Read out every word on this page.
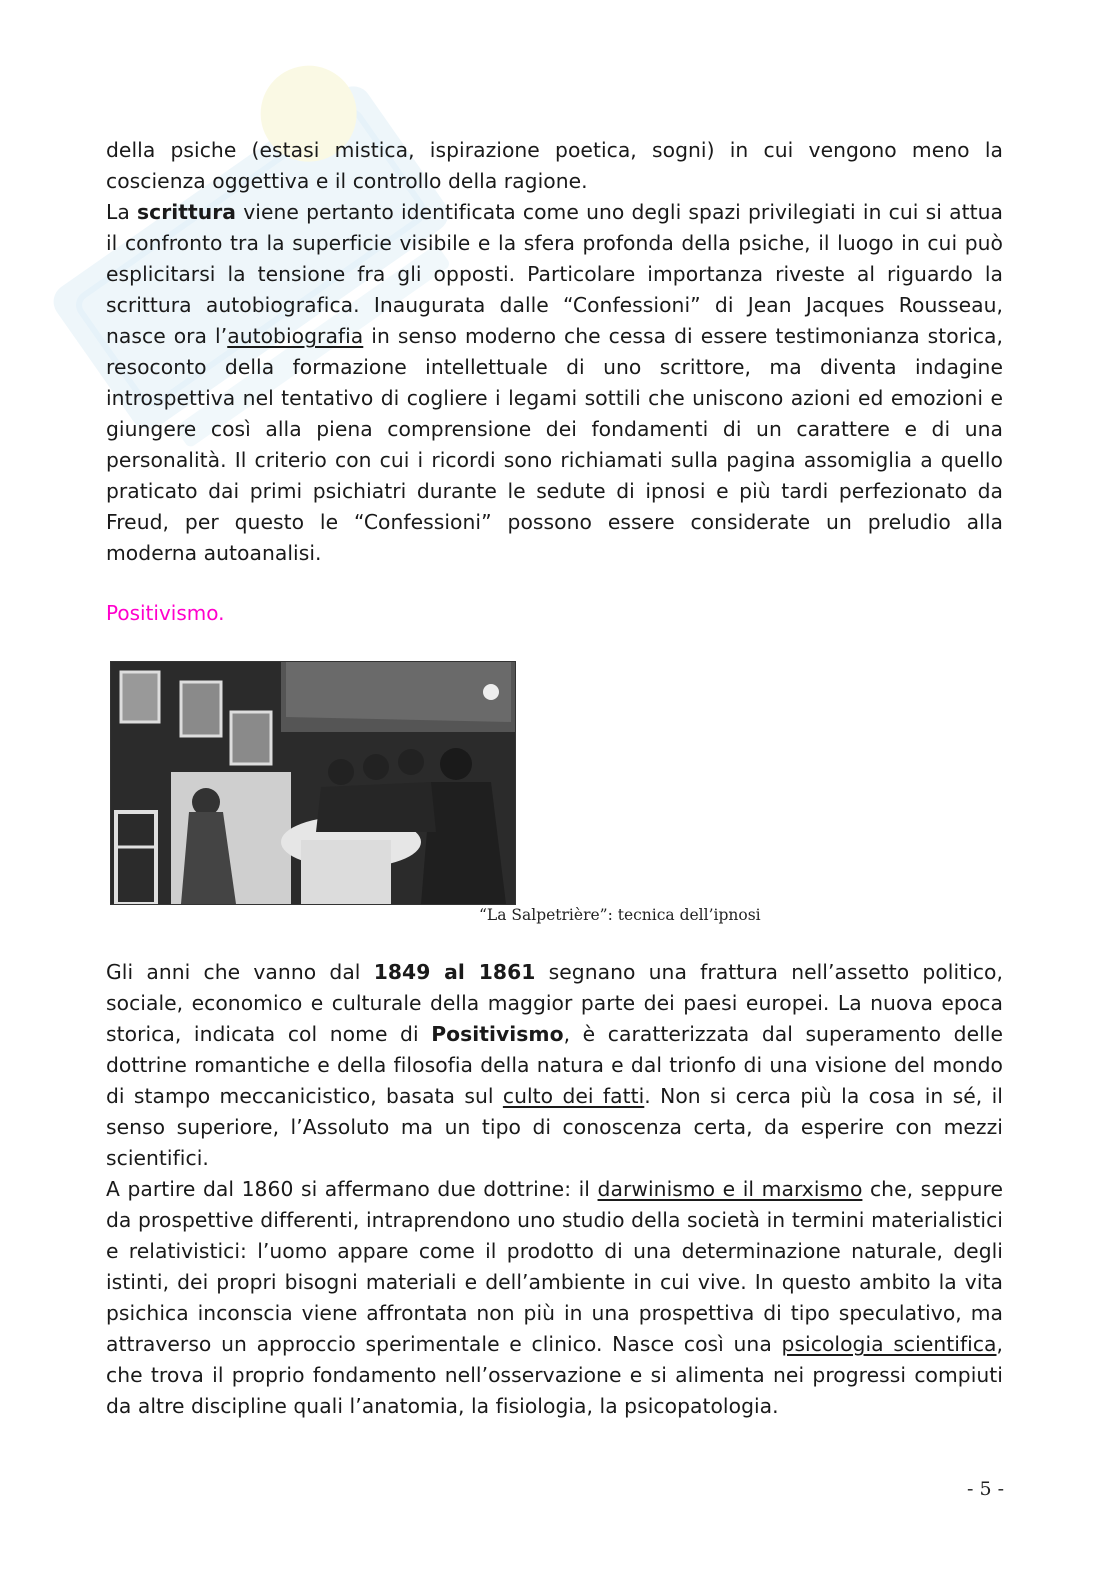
della psiche (estasi mistica, ispirazione poetica, sogni) in cui vengono meno la coscienza oggettiva e il controllo della ragione.
La scrittura viene pertanto identificata come uno degli spazi privilegiati in cui si attua il confronto tra la superficie visibile e la sfera profonda della psiche, il luogo in cui può esplicitarsi la tensione fra gli opposti. Particolare importanza riveste al riguardo la scrittura autobiografica. Inaugurata dalle “Confessioni” di Jean Jacques Rousseau, nasce ora l’autobiografia in senso moderno che cessa di essere testimonianza storica, resoconto della formazione intellettuale di uno scrittore, ma diventa indagine introspettiva nel tentativo di cogliere i legami sottili che uniscono azioni ed emozioni e giungere così alla piena comprensione dei fondamenti di un carattere e di una personalità. Il criterio con cui i ricordi sono richiamati sulla pagina assomiglia a quello praticato dai primi psichiatri durante le sedute di ipnosi e più tardi perfezionato da Freud, per questo le “Confessioni” possono essere considerate un preludio alla moderna autoanalisi.

Positivismo.
“La Salpetrière”: tecnica dell’ipnosi

Gli anni che vanno dal 1849 al 1861 segnano una frattura nell’assetto politico, sociale, economico e culturale della maggior parte dei paesi europei. La nuova epoca storica, indicata col nome di Positivismo, è caratterizzata dal superamento delle dottrine romantiche e della filosofia della natura e dal trionfo di una visione del mondo di stampo meccanicistico, basata sul culto dei fatti. Non si cerca più la cosa in sé, il senso superiore, l’Assoluto ma un tipo di conoscenza certa, da esperire con mezzi scientifici.
A partire dal 1860 si affermano due dottrine: il darwinismo e il marxismo che, seppure da prospettive differenti, intraprendono uno studio della società in termini materialistici e relativistici: l’uomo appare come il prodotto di una determinazione naturale, degli istinti, dei propri bisogni materiali e dell’ambiente in cui vive. In questo ambito la vita psichica inconscia viene affrontata non più in una prospettiva di tipo speculativo, ma attraverso un approccio sperimentale e clinico. Nasce così una psicologia scientifica, che trova il proprio fondamento nell’osservazione e si alimenta nei progressi compiuti da altre discipline quali l’anatomia, la fisiologia, la psicopatologia.

- 5 -
